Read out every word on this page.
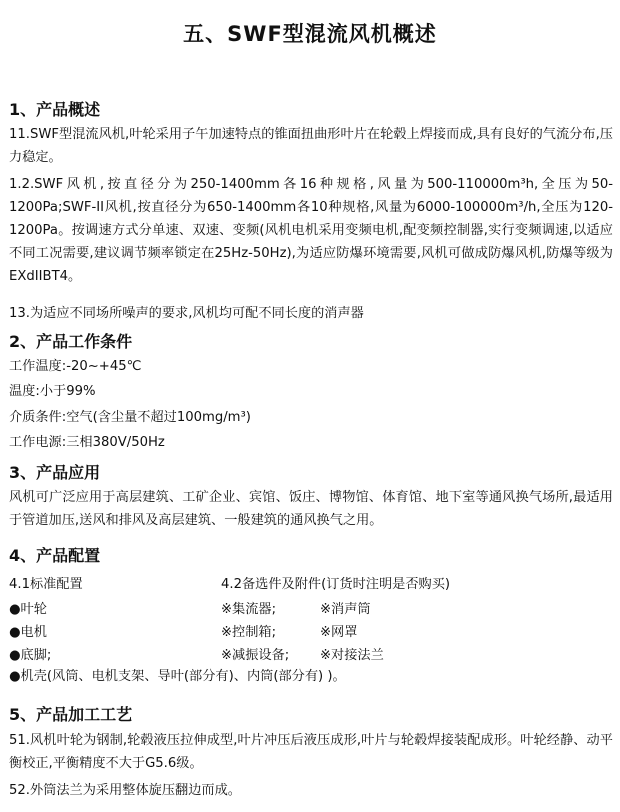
五、SWF型混流风机概述
1、产品概述

11.SWF型混流风机,叶轮采用子午加速特点的锥面扭曲形叶片在轮毂上焊接而成,具有良好的气流分布,压力稳定。

1.2.SWF风机,按直径分为250-1400mm各16种规格,风量为500-110000m³h,全压为50-1200Pa;SWF-II风机,按直径分为650-1400mm各10种规格,风量为6000-100000m³/h,全压为120-1200Pa。按调速方式分单速、双速、变频(风机电机采用变频电机,配变频控制器,实行变频调速,以适应不同工况需要,建议调节频率锁定在25Hz-50Hz),为适应防爆环境需要,风机可做成防爆风机,防爆等级为EXdIIBT4。

13.为适应不同场所噪声的要求,风机均可配不同长度的消声器
2、产品工作条件
工作温度:-20~+45℃
温度:小于99%
介质条件:空气(含尘量不超过100mg/m³)
工作电源:三相380V/50Hz
3、产品应用

风机可广泛应用于高层建筑、工矿企业、宾馆、饭庄、博物馆、体育馆、地下室等通风换气场所,最适用于管道加压,送风和排风及高层建筑、一般建筑的通风换气之用。

4、产品配置
4.1标准配置	4.2备选件及附件(订货时注明是否购买)
●叶轮	※集流器;	※消声筒
●电机	※控制箱;	※网罩
●底脚;	※减振设备; ※对接法兰
●机壳(风筒、电机支架、导叶(部分有)、内筒(部分有) )。
5、产品加工工艺

51.风机叶轮为钢制,轮毂液压拉伸成型,叶片冲压后液压成形,叶片与轮毂焊接装配成形。叶轮经静、动平衡校正,平衡精度不大于G5.6级。

52.外筒法兰为采用整体旋压翻边而成。
